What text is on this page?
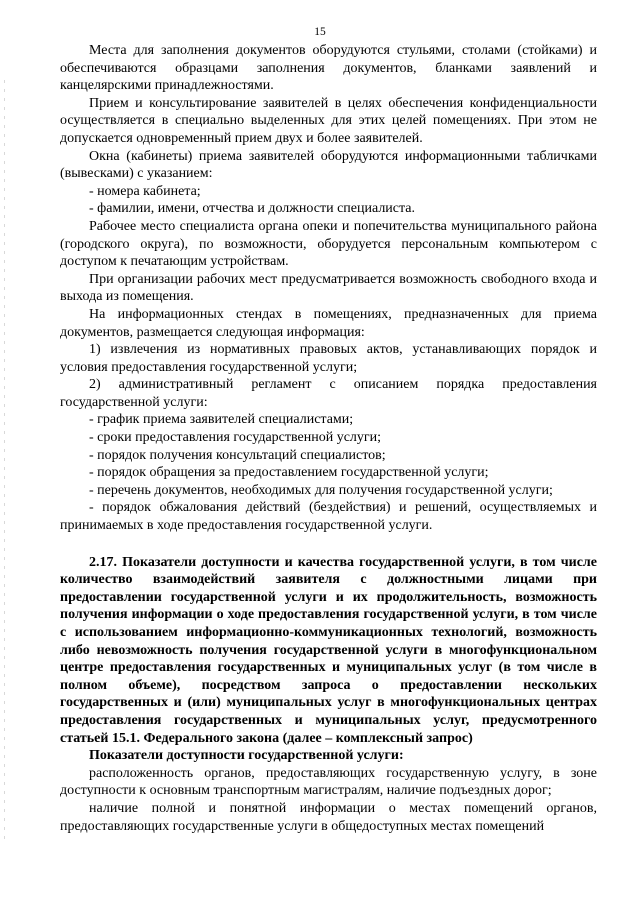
15

Места для заполнения документов оборудуются стульями, столами (стойками) и обеспечиваются образцами заполнения документов, бланками заявлений и канцелярскими принадлежностями.

Прием и консультирование заявителей в целях обеспечения конфиденциальности осуществляется в специально выделенных для этих целей помещениях. При этом не допускается одновременный прием двух и более заявителей.

Окна (кабинеты) приема заявителей оборудуются информационными табличками (вывесками) с указанием:

- номера кабинета;

- фамилии, имени, отчества и должности специалиста.

Рабочее место специалиста органа опеки и попечительства муниципального района (городского округа), по возможности, оборудуется персональным компьютером с доступом к печатающим устройствам.

При организации рабочих мест предусматривается возможность свободного входа и выхода из помещения.

На информационных стендах в помещениях, предназначенных для приема документов, размещается следующая информация:

1) извлечения из нормативных правовых актов, устанавливающих порядок и условия предоставления государственной услуги;

2) административный регламент с описанием порядка предоставления государственной услуги:

- график приема заявителей специалистами;

- сроки предоставления государственной услуги;

- порядок получения консультаций специалистов;

- порядок обращения за предоставлением государственной услуги;

- перечень документов, необходимых для получения государственной услуги;

- порядок обжалования действий (бездействия) и решений, осуществляемых и принимаемых в ходе предоставления государственной услуги.

2.17. Показатели доступности и качества государственной услуги, в том числе количество взаимодействий заявителя с должностными лицами при предоставлении государственной услуги и их продолжительность, возможность получения информации о ходе предоставления государственной услуги, в том числе с использованием информационно-коммуникационных технологий, возможность либо невозможность получения государственной услуги в многофункциональном центре предоставления государственных и муниципальных услуг (в том числе в полном объеме), посредством запроса о предоставлении нескольких государственных и (или) муниципальных услуг в многофункциональных центрах предоставления государственных и муниципальных услуг, предусмотренного статьей 15.1. Федерального закона (далее – комплексный запрос)

Показатели доступности государственной услуги:

расположенность органов, предоставляющих государственную услугу, в зоне доступности к основным транспортным магистралям, наличие подъездных дорог;

наличие полной и понятной информации о местах помещений органов, предоставляющих государственные услуги в общедоступных местах помещений
